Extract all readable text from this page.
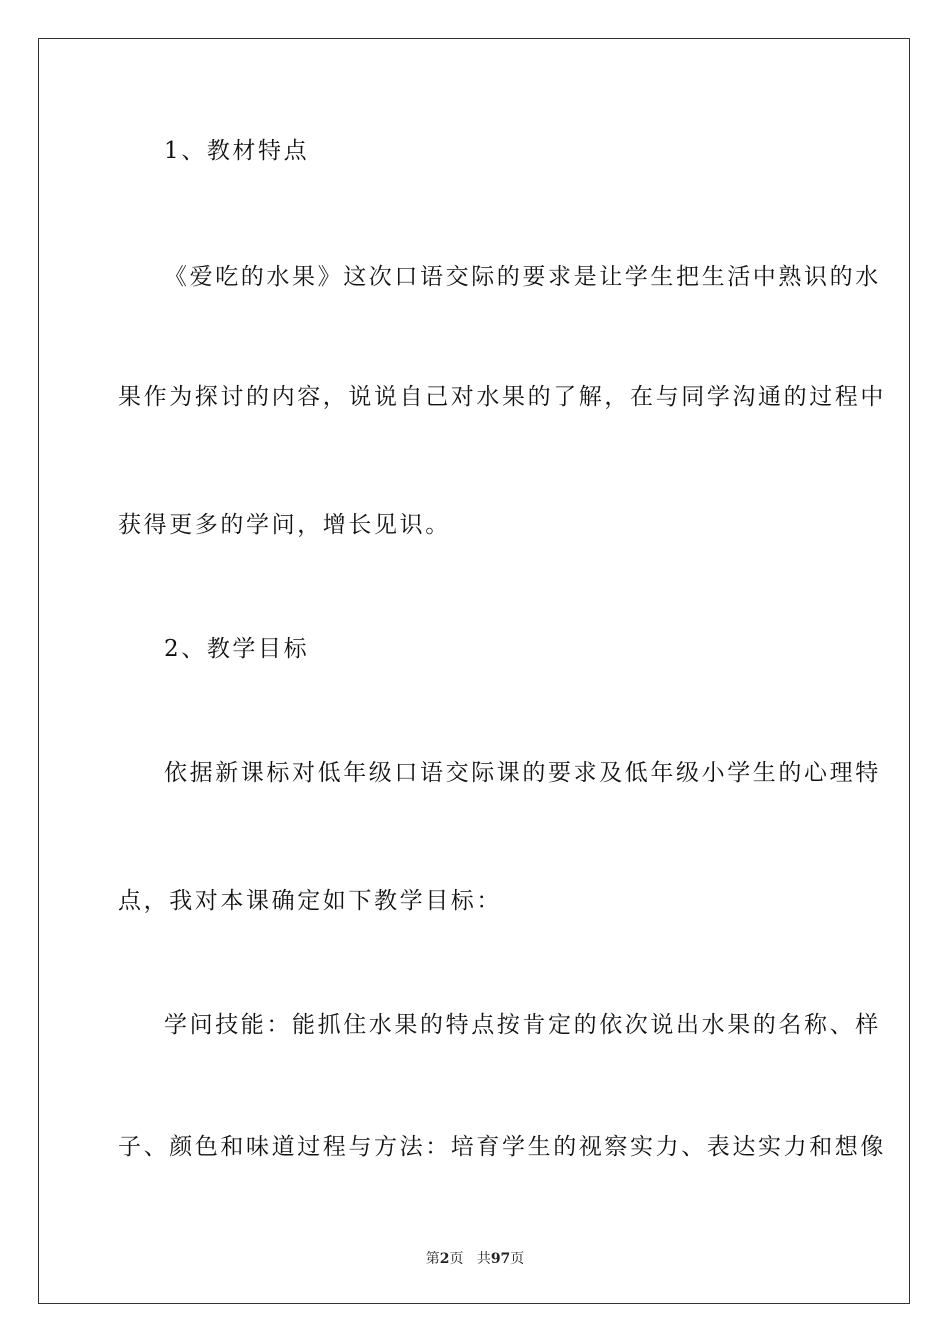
1、教材特点
《爱吃的水果》这次口语交际的要求是让学生把生活中熟识的水
果作为探讨的内容，说说自己对水果的了解，在与同学沟通的过程中
获得更多的学问，增长见识。
2、教学目标
依据新课标对低年级口语交际课的要求及低年级小学生的心理特
点，我对本课确定如下教学目标：
学问技能：能抓住水果的特点按肯定的依次说出水果的名称、样
子、颜色和味道过程与方法：培育学生的视察实力、表达实力和想像
第2页 共97页
